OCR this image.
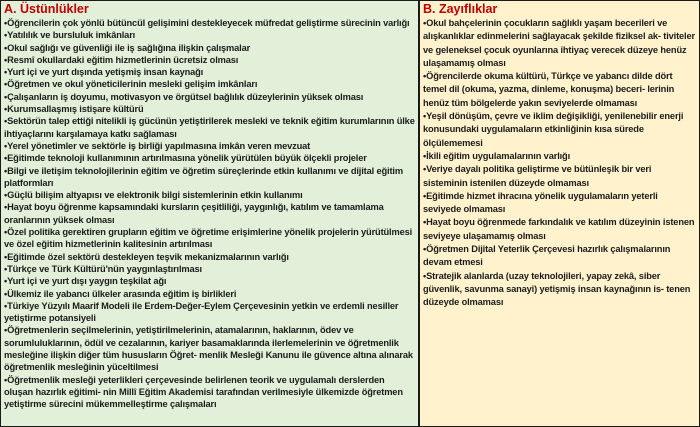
A. Üstünlükler
• Öğrencilerin çok yönlü bütüncül gelişimini destekleyecek müfredat geliştirme sürecinin varlığı
• Yatılılık ve bursluluk imkânları
• Okul sağlığı ve güvenliği ile iş sağlığına ilişkin çalışmalar
• Resmî okullardaki eğitim hizmetlerinin ücretsiz olması
• Yurt içi ve yurt dışında yetişmiş insan kaynağı
• Öğretmen ve okul yöneticilerinin mesleki gelişim imkânları
• Çalışanların iş doyumu, motivasyon ve örgütsel bağlılık düzeylerinin yüksek olması
• Kurumsallaşmış istişare kültürü
• Sektörün talep ettiği nitelikli iş gücünün yetiştirilerek mesleki ve teknik eğitim kurumlarının ülke ihtiyaçlarını karşılamaya katkı sağlaması
• Yerel yönetimler ve sektörle iş birliği yapılmasına imkân veren mevzuat
• Eğitimde teknoloji kullanımının artırılmasına yönelik yürütülen büyük ölçekli projeler
• Bilgi ve iletişim teknolojilerinin eğitim ve öğretim süreçlerinde etkin kullanımı ve dijital eğitim platformları
• Güçlü bilişim altyapısı ve elektronik bilgi sistemlerinin etkin kullanımı
• Hayat boyu öğrenme kapsamındaki kursların çeşitliliği, yaygınlığı, katılım ve tamamlama oranlarının yüksek olması
• Özel politika gerektiren grupların eğitim ve öğretime erişimlerine yönelik projelerin yürütülmesi ve özel eğitim hizmetlerinin kalitesinin artırılması
• Eğitimde özel sektörü destekleyen teşvik mekanizmalarının varlığı
• Türkçe ve Türk Kültürü'nün yaygınlaştırılması
• Yurt içi ve yurt dışı yaygın teşkilat ağı
• Ülkemiz ile yabancı ülkeler arasında eğitim iş birlikleri
• Türkiye Yüzyılı Maarif Modeli ile Erdem-Değer-Eylem Çerçevesinin yetkin ve erdemli nesiller yetiştirme potansiyeli
• Öğretmenlerin seçilmelerinin, yetiştirilmelerinin, atamalarının, haklarının, ödev ve sorumluluklarının, ödül ve cezalarının, kariyer basamaklarında ilerlemelerinin ve öğretmenlik mesleğine ilişkin diğer tüm hususların Öğret- menlik Mesleği Kanunu ile güvence altına alınarak öğretmenlik mesleğinin yüceltilmesi
• Öğretmenlik mesleği yeterlikleri çerçevesinde belirlenen teorik ve uygulamalı derslerden oluşan hazırlık eğitimi- nin Millî Eğitim Akademisi tarafından verilmesiyle ülkemizde öğretmen yetiştirme sürecini mükemmelleştirme çalışmaları
B. Zayıflıklar
• Okul bahçelerinin çocukların sağlıklı yaşam becerileri ve alışkanlıklar edinmelerini sağlayacak şekilde fiziksel ak- tiviteler ve geleneksel çocuk oyunlarına ihtiyaç verecek düzeye henüz ulaşamamış olması
• Öğrencilerde okuma kültürü, Türkçe ve yabancı dilde dört temel dil (okuma, yazma, dinleme, konuşma) beceri- lerinin henüz tüm bölgelerde yakın seviyelerde olmaması
• Yeşil dönüşüm, çevre ve iklim değişikliği, yenilenebilir enerji konusundaki uygulamaların etkinliğinin kısa sürede ölçülememesi
• İkili eğitim uygulamalarının varlığı
• Veriye dayalı politika geliştirme ve bütünleşik bir veri sisteminin istenilen düzeyde olmaması
• Eğitimde hizmet ihracına yönelik uygulamaların yeterli seviyede olmaması
• Hayat boyu öğrenmede farkındalık ve katılım düzeyinin istenen seviyeye ulaşamamış olması
• Öğretmen Dijital Yeterlik Çerçevesi hazırlık çalışmalarının devam etmesi
• Stratejik alanlarda (uzay teknolojileri, yapay zekâ, siber güvenlik, savunma sanayi) yetişmiş insan kaynağının is- tenen düzeyde olmaması
